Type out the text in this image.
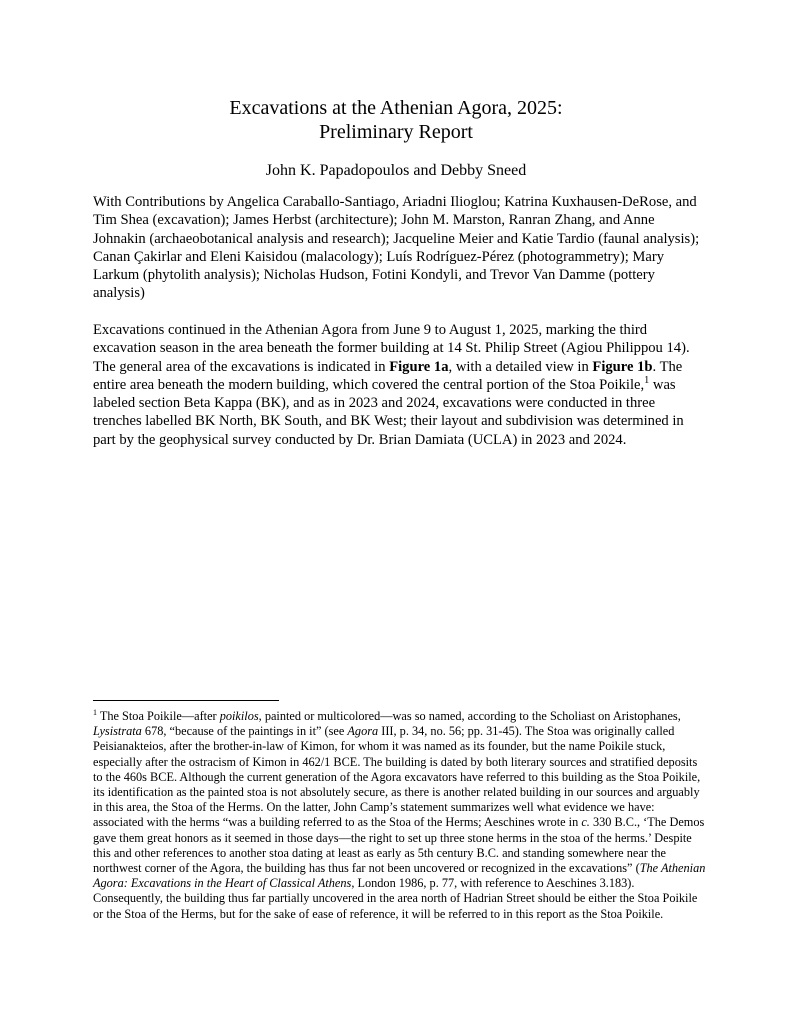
Excavations at the Athenian Agora, 2025:
Preliminary Report
John K. Papadopoulos and Debby Sneed
With Contributions by Angelica Caraballo-Santiago, Ariadni Ilioglou; Katrina Kuxhausen-DeRose, and Tim Shea (excavation); James Herbst (architecture); John M. Marston, Ranran Zhang, and Anne Johnakin (archaeobotanical analysis and research); Jacqueline Meier and Katie Tardio (faunal analysis); Canan Çakirlar and Eleni Kaisidou (malacology); Luís Rodríguez-Pérez (photogrammetry); Mary Larkum (phytolith analysis); Nicholas Hudson, Fotini Kondyli, and Trevor Van Damme (pottery analysis)
Excavations continued in the Athenian Agora from June 9 to August 1, 2025, marking the third excavation season in the area beneath the former building at 14 St. Philip Street (Agiou Philippou 14). The general area of the excavations is indicated in Figure 1a, with a detailed view in Figure 1b. The entire area beneath the modern building, which covered the central portion of the Stoa Poikile,$^1$ was labeled section Beta Kappa (BK), and as in 2023 and 2024, excavations were conducted in three trenches labelled BK North, BK South, and BK West; their layout and subdivision was determined in part by the geophysical survey conducted by Dr. Brian Damiata (UCLA) in 2023 and 2024.
$^1$ The Stoa Poikile—after poikilos, painted or multicolored—was so named, according to the Scholiast on Aristophanes, Lysistrata 678, “because of the paintings in it” (see Agora III, p. 34, no. 56; pp. 31-45). The Stoa was originally called Peisianakteios, after the brother-in-law of Kimon, for whom it was named as its founder, but the name Poikile stuck, especially after the ostracism of Kimon in 462/1 BCE. The building is dated by both literary sources and stratified deposits to the 460s BCE. Although the current generation of the Agora excavators have referred to this building as the Stoa Poikile, its identification as the painted stoa is not absolutely secure, as there is another related building in our sources and arguably in this area, the Stoa of the Herms. On the latter, John Camp’s statement summarizes well what evidence we have: associated with the herms “was a building referred to as the Stoa of the Herms; Aeschines wrote in c. 330 B.C., ‘The Demos gave them great honors as it seemed in those days—the right to set up three stone herms in the stoa of the herms.’ Despite this and other references to another stoa dating at least as early as 5th century B.C. and standing somewhere near the northwest corner of the Agora, the building has thus far not been uncovered or recognized in the excavations” (The Athenian Agora: Excavations in the Heart of Classical Athens, London 1986, p. 77, with reference to Aeschines 3.183). Consequently, the building thus far partially uncovered in the area north of Hadrian Street should be either the Stoa Poikile or the Stoa of the Herms, but for the sake of ease of reference, it will be referred to in this report as the Stoa Poikile.
